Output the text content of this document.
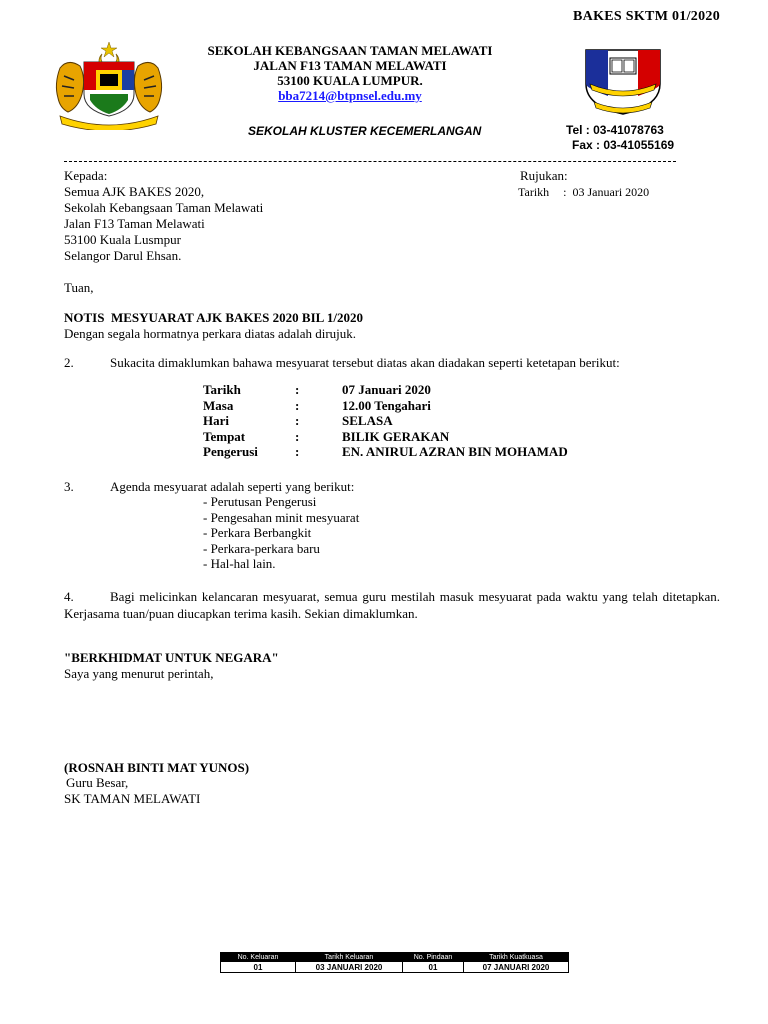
BAKES SKTM 01/2020
SEKOLAH KEBANGSAAN TAMAN MELAWATI
JALAN F13 TAMAN MELAWATI
53100 KUALA LUMPUR.
bba7214@btpnsel.edu.my
SEKOLAH KLUSTER KECEMERLANGAN	Tel : 03-41078763
Fax : 03-41055169
Kepada:	Rujukan:
Tarikh : 03 Januari 2020
Semua AJK BAKES 2020,
Sekolah Kebangsaan Taman Melawati
Jalan F13 Taman Melawati
53100 Kuala Lusmpur
Selangor Darul Ehsan.
Tuan,
NOTIS  MESYUARAT AJK BAKES 2020 BIL 1/2020
Dengan segala hormatnya perkara diatas adalah dirujuk.
2.	Sukacita dimaklumkan bahawa mesyuarat tersebut diatas akan diadakan seperti ketetapan berikut:
Tarikh	:	07 Januari 2020
Masa	:	12.00 Tengahari
Hari	:	SELASA
Tempat	:	BILIK GERAKAN
Pengerusi	:	EN. ANIRUL AZRAN BIN MOHAMAD
3.	Agenda mesyuarat adalah seperti yang berikut:
- Perutusan Pengerusi
- Pengesahan minit mesyuarat
- Perkara Berbangkit
- Perkara-perkara baru
- Hal-hal lain.
4.	Bagi melicinkan kelancaran mesyuarat, semua guru mestilah masuk mesyuarat pada waktu yang telah ditetapkan. Kerjasama tuan/puan diucapkan terima kasih. Sekian dimaklumkan.
"BERKHIDMAT UNTUK NEGARA"
Saya yang menurut perintah,
(ROSNAH BINTI MAT YUNOS)
Guru Besar,
SK TAMAN MELAWATI
No. Keluaran	Tarikh Keluaran	No. Pindaan	Tarikh Kuatkuasa
01	03 JANUARI 2020	01	07 JANUARI 2020
